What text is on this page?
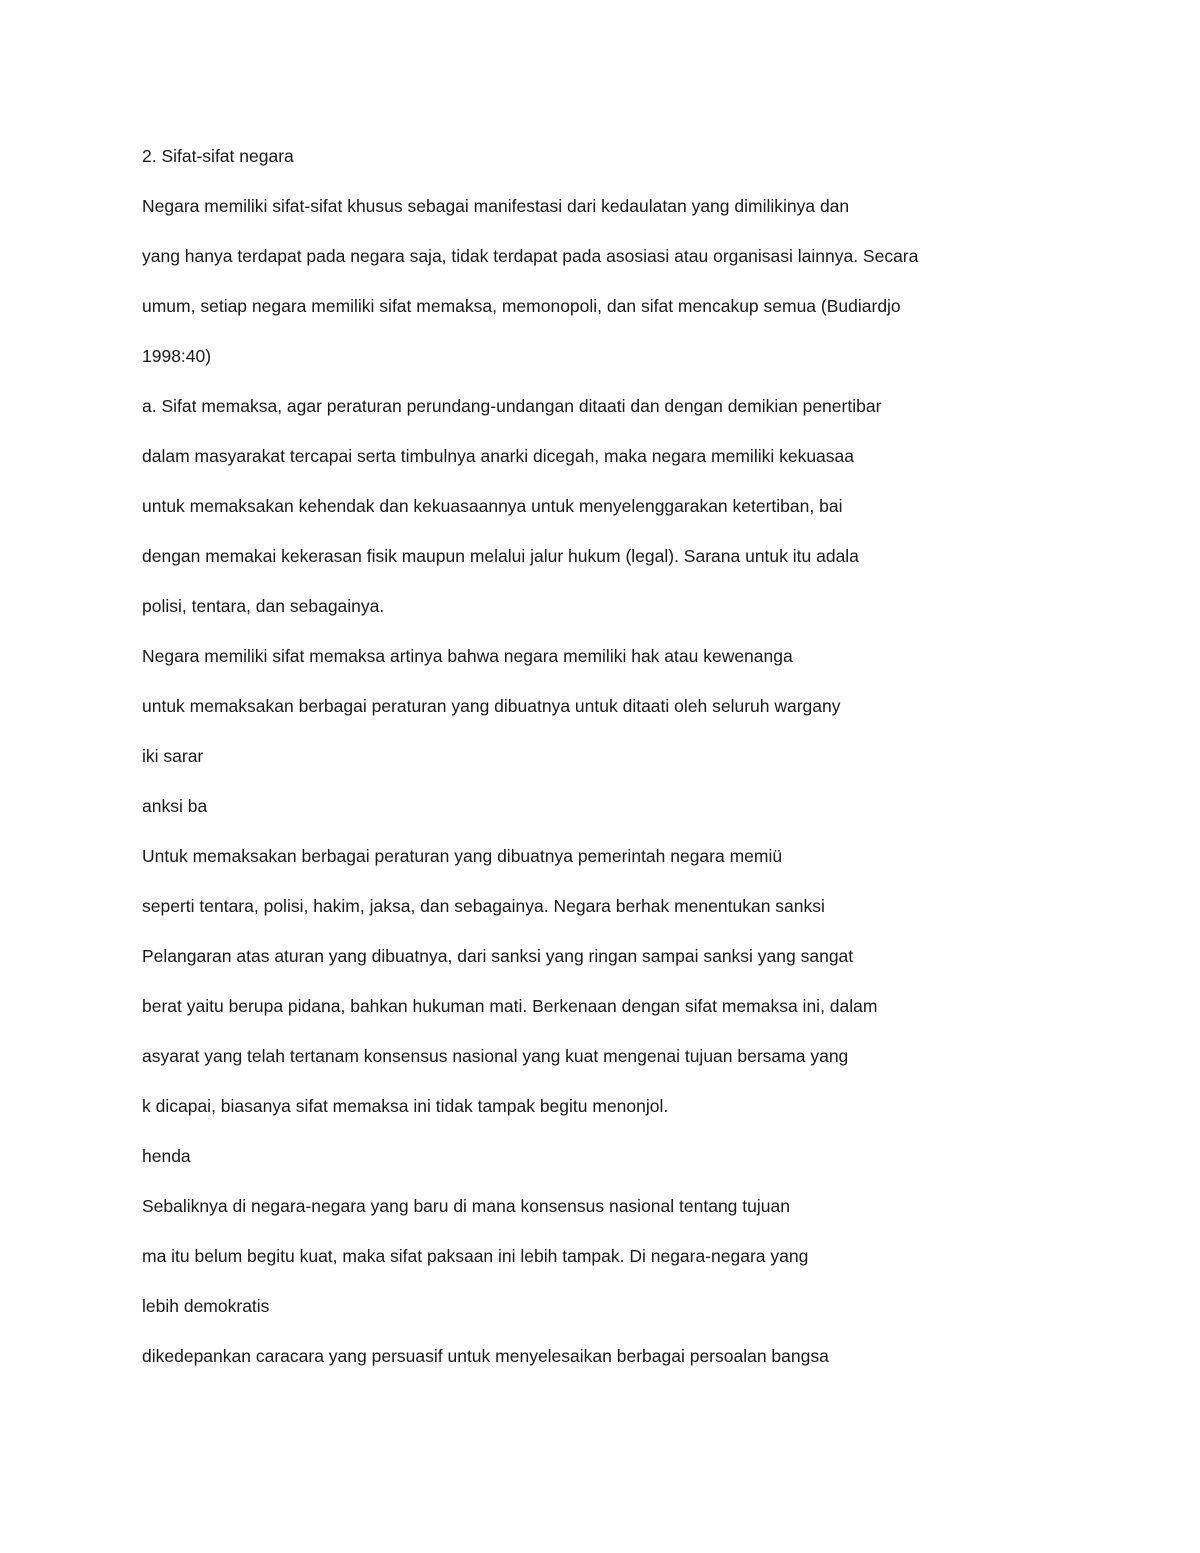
2. Sifat-sifat negara
Negara memiliki sifat-sifat khusus sebagai manifestasi dari kedaulatan yang dimilikinya dan
yang hanya terdapat pada negara saja, tidak terdapat pada asosiasi atau organisasi lainnya. Secara
umum, setiap negara memiliki sifat memaksa, memonopoli, dan sifat mencakup semua (Budiardjo
1998:40)
a. Sifat memaksa, agar peraturan perundang-undangan ditaati dan dengan demikian penertibar
dalam masyarakat tercapai serta timbulnya anarki dicegah, maka negara memiliki kekuasaa
untuk memaksakan kehendak dan kekuasaannya untuk menyelenggarakan ketertiban, bai
dengan memakai kekerasan fisik maupun melalui jalur hukum (legal). Sarana untuk itu adala
polisi, tentara, dan sebagainya.
Negara memiliki sifat memaksa artinya bahwa negara memiliki hak atau kewenanga
untuk memaksakan berbagai peraturan yang dibuatnya untuk ditaati oleh seluruh wargany
iki sarar
anksi ba
Untuk memaksakan berbagai peraturan yang dibuatnya pemerintah negara memiü
seperti tentara, polisi, hakim, jaksa, dan sebagainya. Negara berhak menentukan sanksi
Pelangaran atas aturan yang dibuatnya, dari sanksi yang ringan sampai sanksi yang sangat
berat yaitu berupa pidana, bahkan hukuman mati. Berkenaan dengan sifat memaksa ini, dalam
asyarat yang telah tertanam konsensus nasional yang kuat mengenai tujuan bersama yang
k dicapai, biasanya sifat memaksa ini tidak tampak begitu menonjol.
henda
Sebaliknya di negara-negara yang baru di mana konsensus nasional tentang tujuan
ma itu belum begitu kuat, maka sifat paksaan ini lebih tampak. Di negara-negara yang
lebih demokratis
dikedepankan caracara yang persuasif untuk menyelesaikan berbagai persoalan bangsa
